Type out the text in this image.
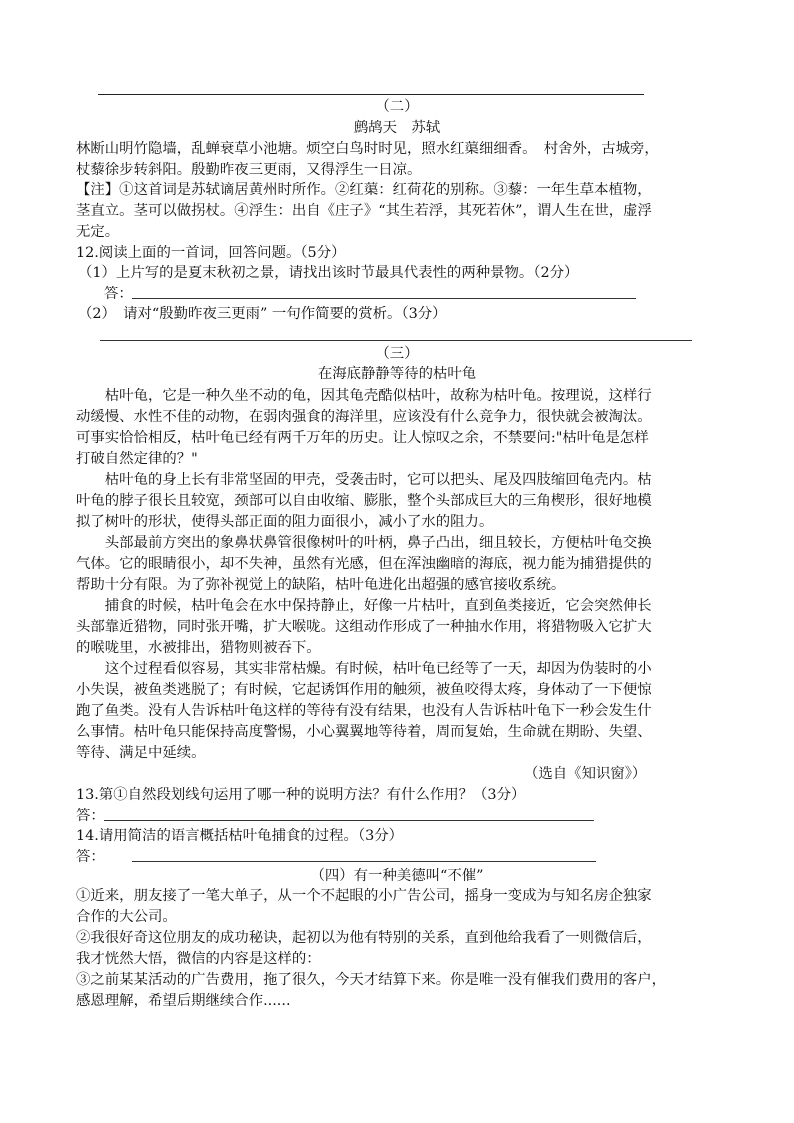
（二）
鹧鸪天　苏轼
林断山明竹隐墙，乱蝉衰草小池塘。烦空白鸟时时见，照水红蕖细细香。　村舍外，古城旁，
杖藜徐步转斜阳。殷勤昨夜三更雨，又得浮生一日凉。
【注】①这首词是苏轼谪居黄州时所作。②红蕖：红荷花的别称。③藜：一年生草本植物，
茎直立。茎可以做拐杖。④浮生：出自《庄子》“其生若浮，其死若休”，谓人生在世，虚浮
无定。
12.阅读上面的一首词，回答问题。（5分）
（1）上片写的是夏末秋初之景，请找出该时节最具代表性的两种景物。（2分）
答：
（2）　请对“殷勤昨夜三更雨” 一句作简要的赏析。（3分）
（三）
在海底静静等待的枯叶龟
　　枯叶龟，它是一种久坐不动的龟，因其龟壳酷似枯叶，故称为枯叶龟。按理说，这样行
动缓慢、水性不佳的动物，在弱肉强食的海洋里，应该没有什么竞争力，很快就会被淘汰。
可事实恰恰相反，枯叶龟已经有两千万年的历史。让人惊叹之余，不禁要问:"枯叶龟是怎样
打破自然定律的？"
　　枯叶龟的身上长有非常坚固的甲壳，受袭击时，它可以把头、尾及四肢缩回龟壳内。枯
叶龟的脖子很长且较宽，颈部可以自由收缩、膨胀，整个头部成巨大的三角楔形，很好地模
拟了树叶的形状，使得头部正面的阻力面很小，减小了水的阻力。
　　头部最前方突出的象鼻状鼻管很像树叶的叶柄，鼻子凸出，细且较长，方便枯叶龟交换
气体。它的眼睛很小，却不失神，虽然有光感，但在浑浊幽暗的海底，视力能为捕猎提供的
帮助十分有限。为了弥补视觉上的缺陷，枯叶龟进化出超强的感官接收系统。
　　捕食的时候，枯叶龟会在水中保持静止，好像一片枯叶，直到鱼类接近，它会突然伸长
头部靠近猎物，同时张开嘴，扩大喉咙。这组动作形成了一种抽水作用，将猎物吸入它扩大
的喉咙里，水被排出，猎物则被吞下。
　　这个过程看似容易，其实非常枯燥。有时候，枯叶龟已经等了一天，却因为伪装时的小
小失误，被鱼类逃脱了；有时候，它起诱饵作用的触须，被鱼咬得太疼，身体动了一下便惊
跑了鱼类。没有人告诉枯叶龟这样的等待有没有结果，也没有人告诉枯叶龟下一秒会发生什
么事情。枯叶龟只能保持高度警惕，小心翼翼地等待着，周而复始，生命就在期盼、失望、
等待、满足中延续。
（选自《知识窗》）
13.第①自然段划线句运用了哪一种的说明方法？有什么作用？（3分）
答：
14.请用简洁的语言概括枯叶龟捕食的过程。（3分）
答：
（四）有一种美德叫“不催”
①近来，朋友接了一笔大单子，从一个不起眼的小广告公司，摇身一变成为与知名房企独家
合作的大公司。
②我很好奇这位朋友的成功秘诀，起初以为他有特别的关系，直到他给我看了一则微信后，
我才恍然大悟，微信的内容是这样的：
③之前某某活动的广告费用，拖了很久，今天才结算下来。你是唯一没有催我们费用的客户，
感恩理解，希望后期继续合作......
